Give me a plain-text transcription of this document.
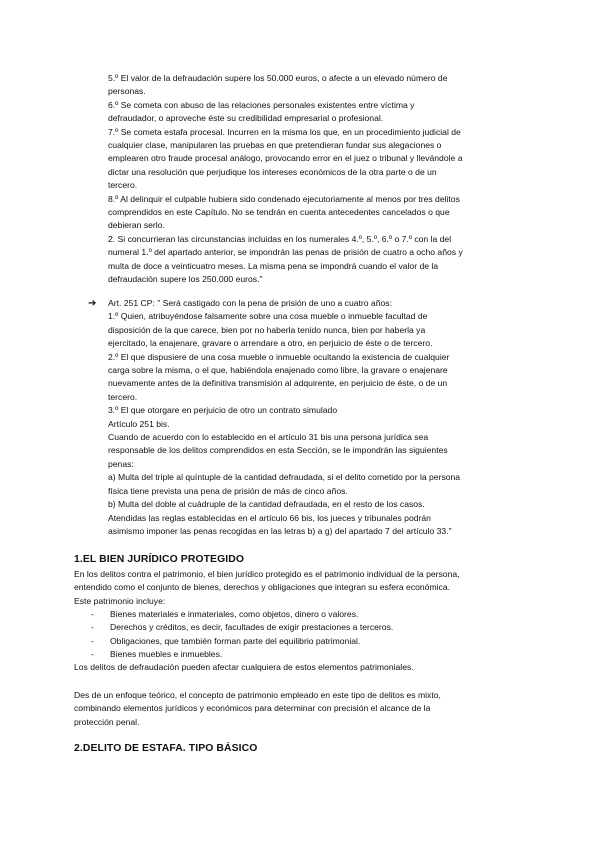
5.º El valor de la defraudación supere los 50.000 euros, o afecte a un elevado número de

personas.

6.º Se cometa con abuso de las relaciones personales existentes entre víctima y

defraudador, o aproveche éste su credibilidad empresarial o profesional.

7.º Se cometa estafa procesal. Incurren en la misma los que, en un procedimiento judicial de

cualquier clase, manipularen las pruebas en que pretendieran fundar sus alegaciones o

emplearen otro fraude procesal análogo, provocando error en el juez o tribunal y llevándole a

dictar una resolución que perjudique los intereses económicos de la otra parte o de un

tercero.

8.º Al delinquir el culpable hubiera sido condenado ejecutoriamente al menos por tres delitos

comprendidos en este Capítulo. No se tendrán en cuenta antecedentes cancelados o que

debieran serlo.

2. Si concurrieran las circunstancias incluidas en los numerales 4.º, 5.º, 6.º o 7.º con la del

numeral 1.º del apartado anterior, se impondrán las penas de prisión de cuatro a ocho años y

multa de doce a veinticuatro meses. La misma pena se impondrá cuando el valor de la

defraudación supere los 250.000 euros."

➔ Art. 251 CP: " Será castigado con la pena de prisión de uno a cuatro años:

1.º Quien, atribuyéndose falsamente sobre una cosa mueble o inmueble facultad de

disposición de la que carece, bien por no haberla tenido nunca, bien por haberla ya

ejercitado, la enajenare, gravare o arrendare a otro, en perjuicio de éste o de tercero.

2.º El que dispusiere de una cosa mueble o inmueble ocultando la existencia de cualquier

carga sobre la misma, o el que, habiéndola enajenado como libre, la gravare o enajenare

nuevamente antes de la definitiva transmisión al adquirente, en perjuicio de éste, o de un

tercero.

3.º El que otorgare en perjuicio de otro un contrato simulado

Artículo 251 bis.

Cuando de acuerdo con lo establecido en el artículo 31 bis una persona jurídica sea

responsable de los delitos comprendidos en esta Sección, se le impondrán las siguientes

penas:

a) Multa del triple al quíntuple de la cantidad defraudada, si el delito cometido por la persona

física tiene prevista una pena de prisión de más de cinco años.

b) Multa del doble al cuádruple de la cantidad defraudada, en el resto de los casos.

Atendidas las reglas establecidas en el artículo 66 bis, los jueces y tribunales podrán

asimismo imponer las penas recogidas en las letras b) a g) del apartado 7 del artículo 33."

1.EL BIEN JURÍDICO PROTEGIDO

En los delitos contra el patrimonio, el bien jurídico protegido es el patrimonio individual de la persona,

entendido como el conjunto de bienes, derechos y obligaciones que integran su esfera económica.

Este patrimonio incluye:

- Bienes materiales e inmateriales, como objetos, dinero o valores.
- Derechos y créditos, es decir, facultades de exigir prestaciones a terceros.
- Obligaciones, que también forman parte del equilibrio patrimonial.
- Bienes muebles e inmuebles.

Los delitos de defraudación pueden afectar cualquiera de estos elementos patrimoniales.

Des de un enfoque teórico, el concepto de patrimonio empleado en este tipo de delitos es mixto,

combinando elementos jurídicos y económicos para determinar con precisión el alcance de la

protección penal.

2.DELITO DE ESTAFA. TIPO BÁSICO
